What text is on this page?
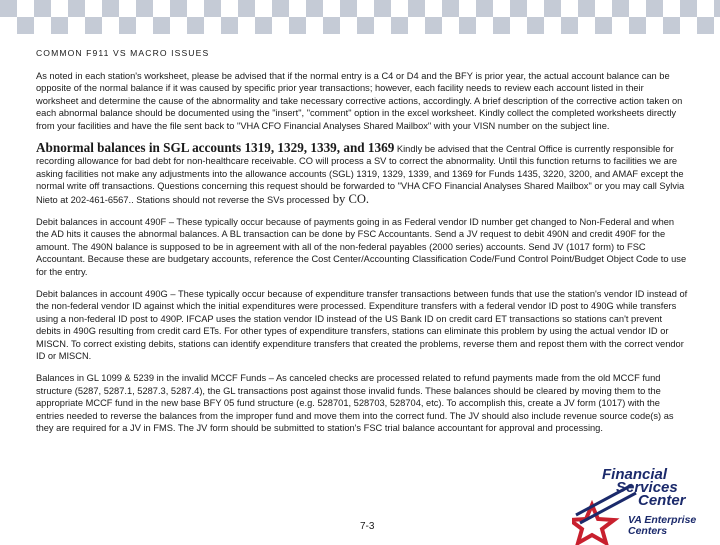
COMMON F911 VS MACRO ISSUES

As noted in each station's worksheet, please be advised that if the normal entry is a C4 or D4 and the BFY is prior year, the actual account balance can be opposite of the normal balance if it was caused by specific prior year transactions; however, each facility needs to review each account listed in their worksheet and determine the cause of the abnormality and take necessary corrective actions, accordingly. A brief description of the corrective action taken on each abnormal balance should be documented using the "insert", "comment" option in the excel worksheet. Kindly collect the completed worksheets directly from your facilities and have the file sent back to "VHA CFO Financial Analyses Shared Mailbox" with your VISN number on the subject line.

Abnormal balances in SGL accounts 1319, 1329, 1339, and 1369 Kindly be advised that the Central Office is currently responsible for recording allowance for bad debt for non-healthcare receivable. CO will process a SV to correct the abnormality. Until this function returns to facilities we are asking facilities not make any adjustments into the allowance accounts (SGL) 1319, 1329, 1339, and 1369 for Funds 1435, 3220, 3200, and AMAF except the normal write off transactions. Questions concerning this request should be forwarded to "VHA CFO Financial Analyses Shared Mailbox" or you may call Sylvia Nieto at 202-461-6567.. Stations should not reverse the SVs processed by CO.

Debit balances in account 490F – These typically occur because of payments going in as Federal vendor ID number get changed to Non-Federal and when the AD hits it causes the abnormal balances. A BL transaction can be done by FSC Accountants. Send a JV request to debit 490N and credit 490F for the amount. The 490N balance is supposed to be in agreement with all of the non-federal payables (2000 series) accounts. Send JV (1017 form) to FSC Accountant. Because these are budgetary accounts, reference the Cost Center/Accounting Classification Code/Fund Control Point/Budget Object Code to use for the entry.

Debit balances in account 490G – These typically occur because of expenditure transfer transactions between funds that use the station's vendor ID instead of the non-federal vendor ID against which the initial expenditures were processed. Expenditure transfers with a federal vendor ID post to 490G while transfers using a non-federal ID post to 490P. IFCAP uses the station vendor ID instead of the US Bank ID on credit card ET transactions so stations can't prevent debits in 490G resulting from credit card ETs. For other types of expenditure transfers, stations can eliminate this problem by using the actual vendor ID or MISCN. To correct existing debits, stations can identify expenditure transfers that created the problems, reverse them and repost them with the correct vendor ID or MISCN.

Balances in GL 1099 & 5239 in the invalid MCCF Funds – As canceled checks are processed related to refund payments made from the old MCCF fund structure (5287, 5287.1, 5287.3, 5287.4), the GL transactions post against those invalid funds. These balances should be cleared by moving them to the appropriate MCCF fund in the new base BFY 05 fund structure (e.g. 528701, 528703, 528704, etc). To accomplish this, create a JV form (1017) with the entries needed to reverse the balances from the improper fund and move them into the correct fund. The JV should also include revenue source code(s) as they are required for a JV in FMS. The JV form should be submitted to station's FSC trial balance accountant for approval and processing.

7-3
Financial
Services
Center
VA Enterprise
Centers
